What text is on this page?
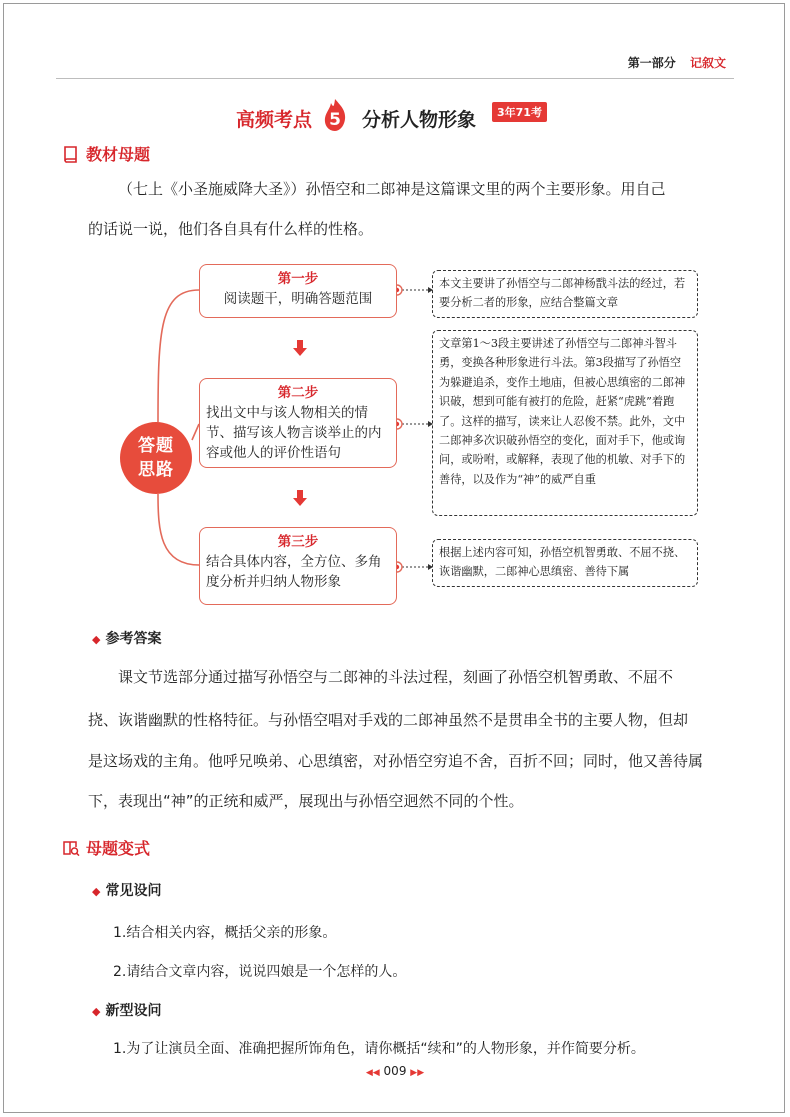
第一部分 记叙文
高频考点 5 分析人物形象	3年71考
教材母题
（七上《小圣施威降大圣》）孙悟空和二郎神是这篇课文里的两个主要形象。用自己
的话说一说，他们各自具有什么样的性格。
答题
思路
第一步
阅读题干，明确答题范围
第二步
找出文中与该人物相关的情节、描写该人物言谈举止的内容或他人的评价性语句
第三步
结合具体内容，全方位、多角度分析并归纳人物形象
本文主要讲了孙悟空与二郎神杨戬斗法的经过，若要分析二者的形象，应结合整篇文章
文章第1～3段主要讲述了孙悟空与二郎神斗智斗勇，变换各种形象进行斗法。第3段描写了孙悟空为躲避追杀，变作土地庙，但被心思缜密的二郎神识破，想到可能有被打的危险，赶紧“虎跳”着跑了。这样的描写，读来让人忍俊不禁。此外，文中二郎神多次识破孙悟空的变化，面对手下，他或询问，或吩咐，或解释，表现了他的机敏、对手下的善待，以及作为“神”的威严自重
根据上述内容可知，孙悟空机智勇敢、不屈不挠、诙谐幽默，二郎神心思缜密、善待下属
◆ 参考答案
课文节选部分通过描写孙悟空与二郎神的斗法过程，刻画了孙悟空机智勇敢、不屈不
挠、诙谐幽默的性格特征。与孙悟空唱对手戏的二郎神虽然不是贯串全书的主要人物，但却
是这场戏的主角。他呼兄唤弟、心思缜密，对孙悟空穷追不舍，百折不回；同时，他又善待属
下，表现出“神”的正统和威严，展现出与孙悟空迥然不同的个性。
母题变式
◆ 常见设问
1.结合相关内容，概括父亲的形象。
2.请结合文章内容，说说四娘是一个怎样的人。
◆ 新型设问
1.为了让演员全面、准确把握所饰角色，请你概括“续和”的人物形象，并作简要分析。
◀◀ 009 ▶▶
